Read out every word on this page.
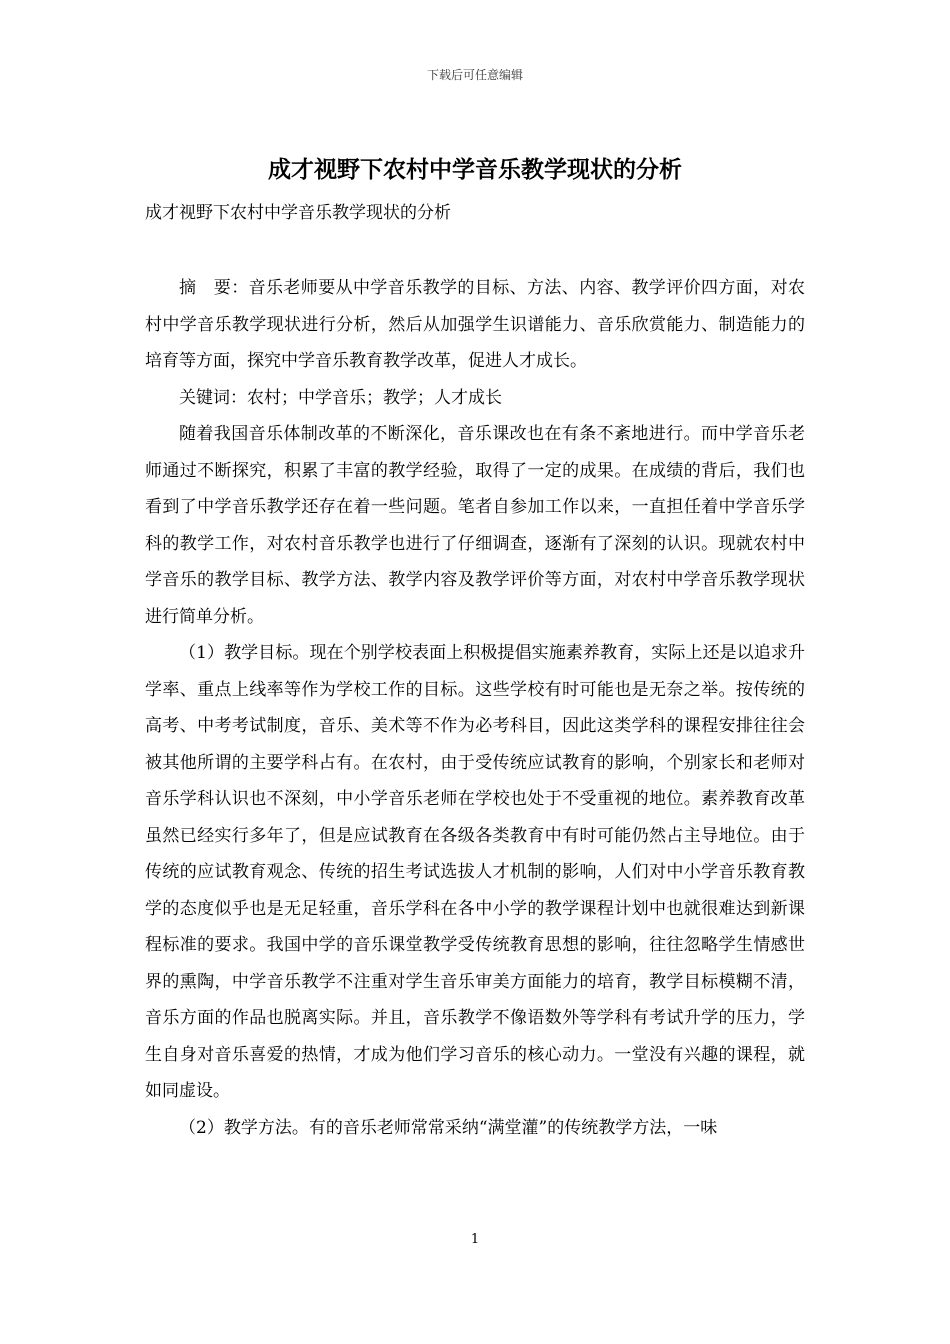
下载后可任意编辑
成才视野下农村中学音乐教学现状的分析

成才视野下农村中学音乐教学现状的分析

摘　要：音乐老师要从中学音乐教学的目标、方法、内容、教学评价四方面，对农村中学音乐教学现状进行分析，然后从加强学生识谱能力、音乐欣赏能力、制造能力的培育等方面，探究中学音乐教育教学改革，促进人才成长。

关键词：农村；中学音乐；教学；人才成长

随着我国音乐体制改革的不断深化，音乐课改也在有条不紊地进行。而中学音乐老师通过不断探究，积累了丰富的教学经验，取得了一定的成果。在成绩的背后，我们也看到了中学音乐教学还存在着一些问题。笔者自参加工作以来，一直担任着中学音乐学科的教学工作，对农村音乐教学也进行了仔细调查，逐渐有了深刻的认识。现就农村中学音乐的教学目标、教学方法、教学内容及教学评价等方面，对农村中学音乐教学现状进行简单分析。

（1）教学目标。现在个别学校表面上积极提倡实施素养教育，实际上还是以追求升学率、重点上线率等作为学校工作的目标。这些学校有时可能也是无奈之举。按传统的高考、中考考试制度，音乐、美术等不作为必考科目，因此这类学科的课程安排往往会被其他所谓的主要学科占有。在农村，由于受传统应试教育的影响，个别家长和老师对音乐学科认识也不深刻，中小学音乐老师在学校也处于不受重视的地位。素养教育改革虽然已经实行多年了，但是应试教育在各级各类教育中有时可能仍然占主导地位。由于传统的应试教育观念、传统的招生考试选拔人才机制的影响，人们对中小学音乐教育教学的态度似乎也是无足轻重，音乐学科在各中小学的教学课程计划中也就很难达到新课程标准的要求。我国中学的音乐课堂教学受传统教育思想的影响，往往忽略学生情感世界的熏陶，中学音乐教学不注重对学生音乐审美方面能力的培育，教学目标模糊不清，音乐方面的作品也脱离实际。并且，音乐教学不像语数外等学科有考试升学的压力，学生自身对音乐喜爱的热情，才成为他们学习音乐的核心动力。一堂没有兴趣的课程，就如同虚设。

（2）教学方法。有的音乐老师常常采纳“满堂灌”的传统教学方法，一味

1
